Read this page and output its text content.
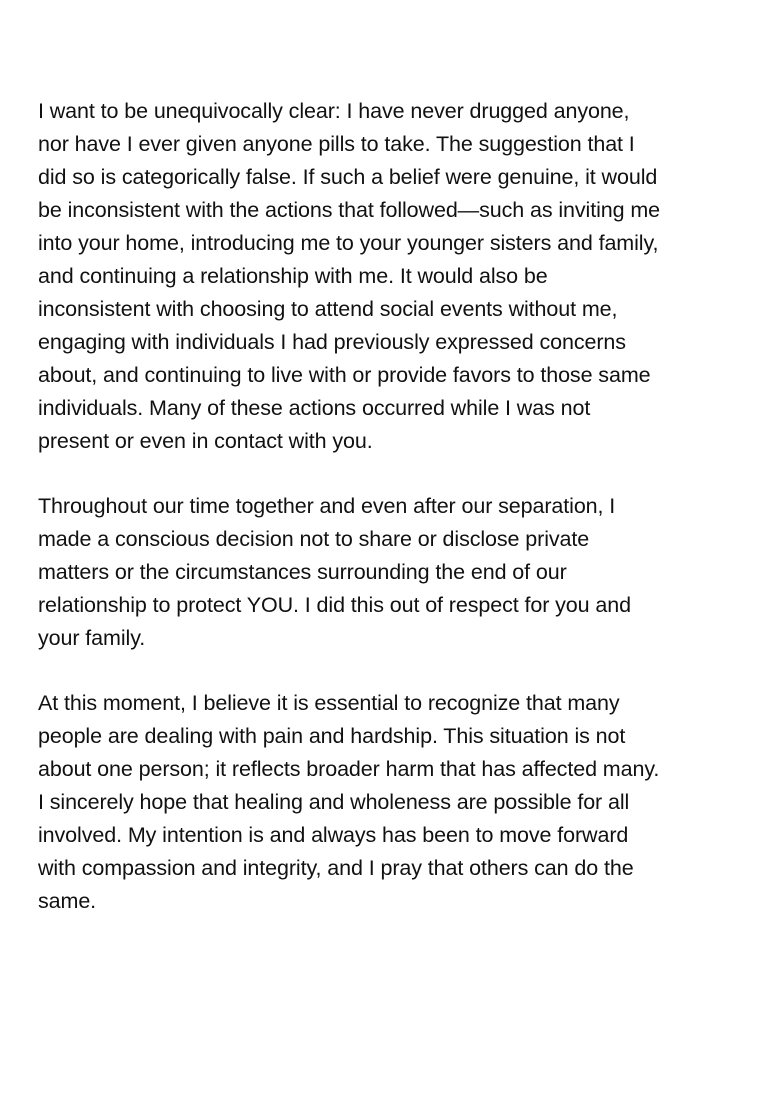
I want to be unequivocally clear: I have never drugged anyone,
nor have I ever given anyone pills to take. The suggestion that I
did so is categorically false. If such a belief were genuine, it would
be inconsistent with the actions that followed—such as inviting me
into your home, introducing me to your younger sisters and family,
and continuing a relationship with me. It would also be
inconsistent with choosing to attend social events without me,
engaging with individuals I had previously expressed concerns
about, and continuing to live with or provide favors to those same
individuals. Many of these actions occurred while I was not
present or even in contact with you.

Throughout our time together and even after our separation, I
made a conscious decision not to share or disclose private
matters or the circumstances surrounding the end of our
relationship to protect YOU. I did this out of respect for you and
your family.

At this moment, I believe it is essential to recognize that many
people are dealing with pain and hardship. This situation is not
about one person; it reflects broader harm that has affected many.
I sincerely hope that healing and wholeness are possible for all
involved. My intention is and always has been to move forward
with compassion and integrity, and I pray that others can do the
same.
